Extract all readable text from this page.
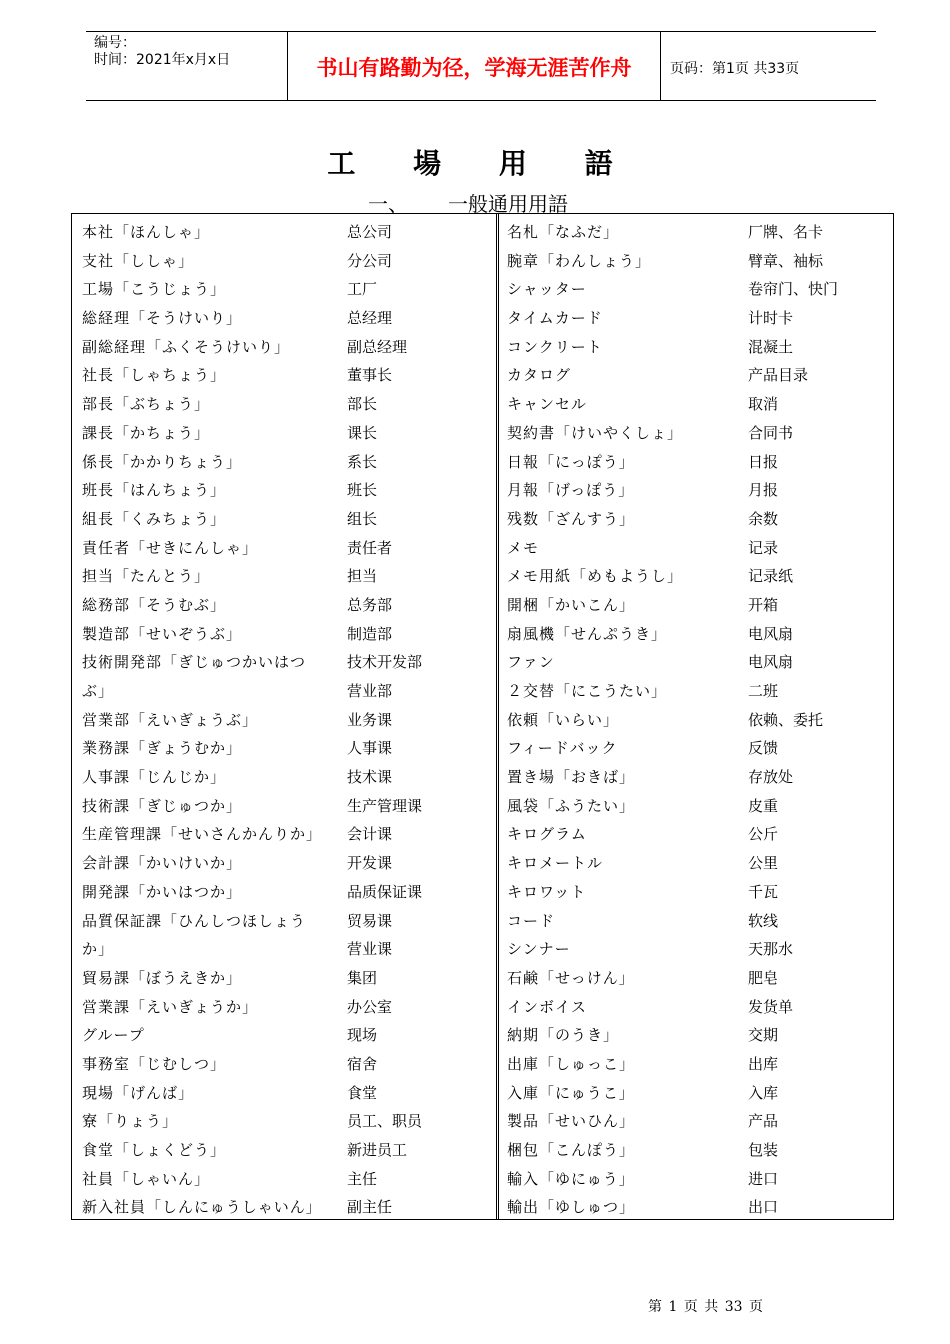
编号：
时间：2021年x月x日	书山有路勤为径，学海无涯苦作舟	页码：第1页 共33页
工 場 用 語
一、 一般通用用語
本社「ほんしゃ」
支社「ししゃ」
工場「こうじょう」
総経理「そうけいり」
副総経理「ふくそうけいり」
社長「しゃちょう」
部長「ぶちょう」
課長「かちょう」
係長「かかりちょう」
班長「はんちょう」
組長「くみちょう」
責任者「せきにんしゃ」
担当「たんとう」
総務部「そうむぶ」
製造部「せいぞうぶ」
技術開発部「ぎじゅつかいはつ
ぶ」
営業部「えいぎょうぶ」
業務課「ぎょうむか」
人事課「じんじか」
技術課「ぎじゅつか」
生産管理課「せいさんかんりか」
会計課「かいけいか」
開発課「かいはつか」
品質保証課「ひんしつほしょう
か」
貿易課「ぼうえきか」
営業課「えいぎょうか」
グループ
事務室「じむしつ」
現場「げんば」
寮「りょう」
食堂「しょくどう」
社員「しゃいん」
新入社員「しんにゅうしゃいん」
总公司
分公司
工厂
总经理
副总经理
董事长
部长
课长
系长
班长
组长
责任者
担当
总务部
制造部
技术开发部
营业部
业务课
人事课
技术课
生产管理课
会计课
开发课
品质保证课
贸易课
营业课
集团
办公室
现场
宿舍
食堂
员工、职员
新进员工
主任
副主任
名札「なふだ」
腕章「わんしょう」
シャッター
タイムカード
コンクリート
カタログ
キャンセル
契約書「けいやくしょ」
日報「にっぽう」
月報「げっぽう」
残数「ざんすう」
メモ
メモ用紙「めもようし」
開梱「かいこん」
扇風機「せんぷうき」
ファン
２交替「にこうたい」
依頼「いらい」
フィードバック
置き場「おきば」
風袋「ふうたい」
キログラム
キロメートル
キロワット
コード
シンナー
石鹸「せっけん」
インボイス
納期「のうき」
出庫「しゅっこ」
入庫「にゅうこ」
製品「せいひん」
梱包「こんぽう」
輸入「ゆにゅう」
輸出「ゆしゅつ」
厂牌、名卡
臂章、袖标
卷帘门、快门
计时卡
混凝土
产品目录
取消
合同书
日报
月报
余数
记录
记录纸
开箱
电风扇
电风扇
二班
依赖、委托
反馈
存放处
皮重
公斤
公里
千瓦
软线
天那水
肥皂
发货单
交期
出库
入库
产品
包装
进口
出口
第 1 页 共 33 页
